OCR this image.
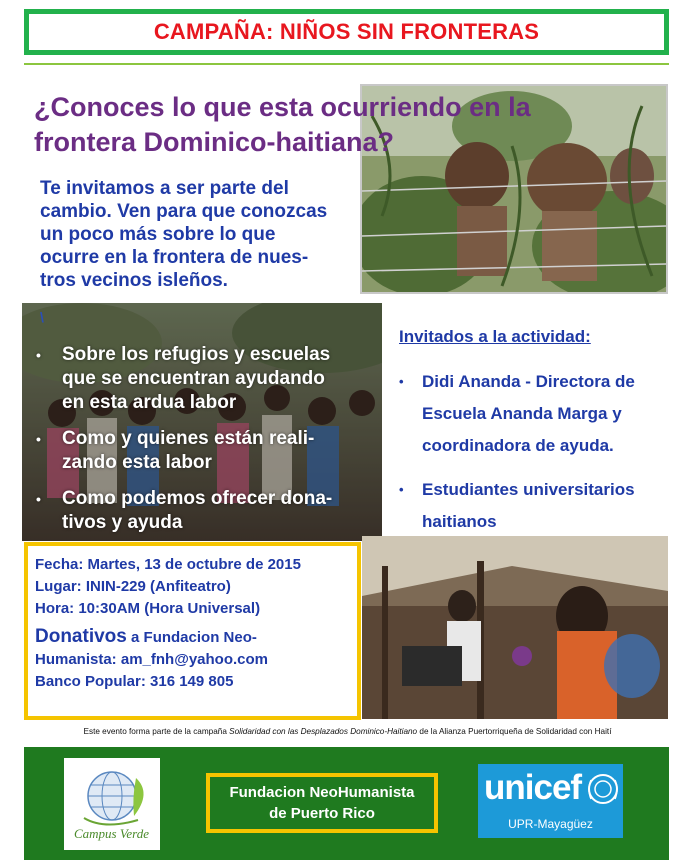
CAMPAÑA: NIÑOS SIN FRONTERAS
¿Conoces lo que esta ocurriendo en la
frontera Dominico-haitiana?
Te invitamos a ser parte del
cambio. Ven para que conozcas
un poco más sobre lo que
ocurre en la frontera de nues-
tros vecinos isleños.
\
• Sobre los refugios y escuelas
que se encuentran ayudando
en esta ardua labor
• Como y quienes están reali-
zando esta labor
• Como podemos ofrecer dona-
tivos y ayuda
Invitados a la actividad:
• Didi Ananda - Directora de
Escuela Ananda Marga y
coordinadora de ayuda.
• Estudiantes universitarios
haitianos
Fecha: Martes, 13 de octubre de 2015
Lugar: ININ-229 (Anfiteatro)
Hora: 10:30AM (Hora Universal)
Donativos a Fundacion Neo-
Humanista: am_fnh@yahoo.com
Banco Popular: 316 149 805
Este evento forma parte de la campaña Solidaridad con las Desplazados Dominico-Haitiano de la Alianza Puertorriqueña de Solidaridad con Haití
Campus Verde
Fundacion NeoHumanista
de Puerto Rico
unicef
UPR-Mayagüez
